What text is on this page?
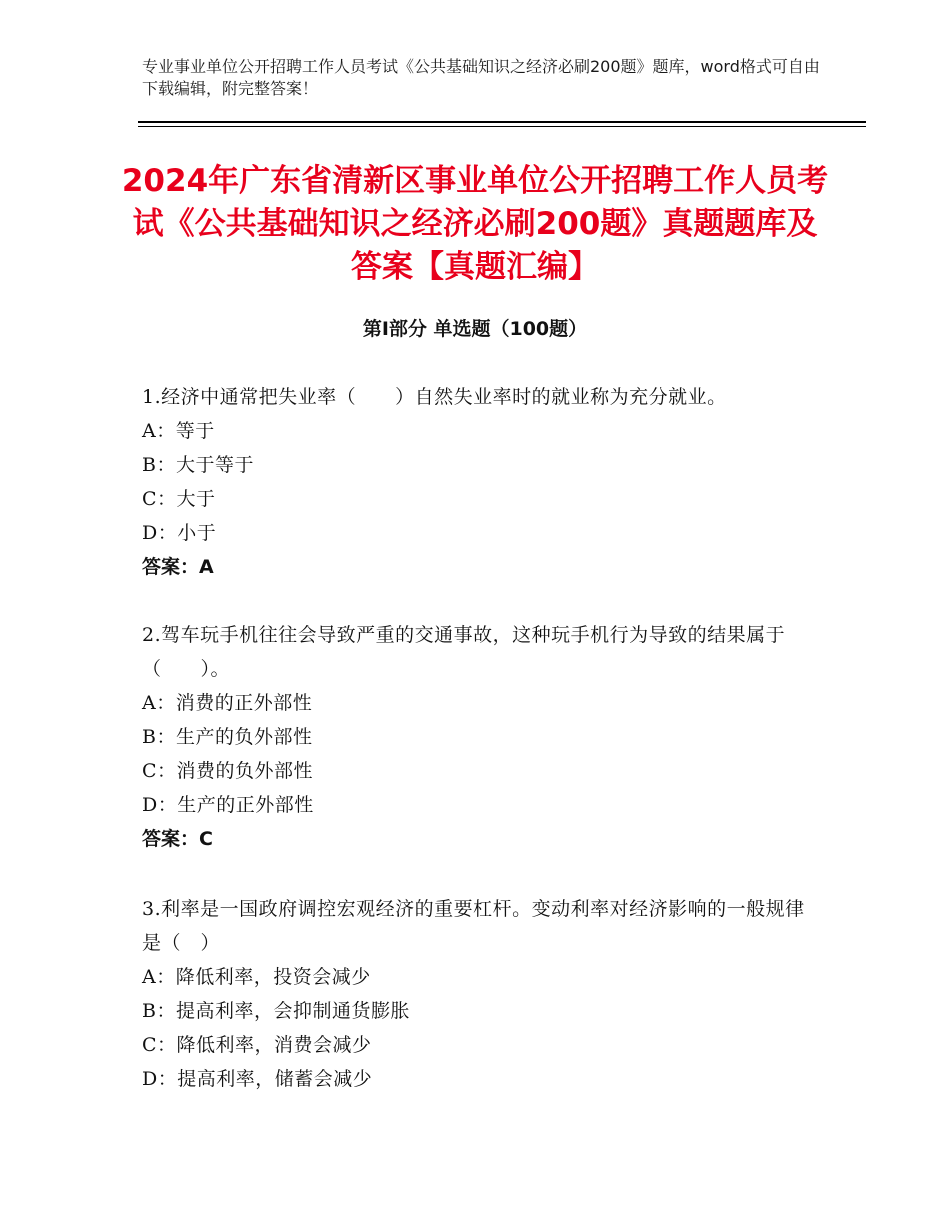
专业事业单位公开招聘工作人员考试《公共基础知识之经济必刷200题》题库，word格式可自由下载编辑，附完整答案！
2024年广东省清新区事业单位公开招聘工作人员考试《公共基础知识之经济必刷200题》真题题库及答案【真题汇编】
第Ⅰ部分 单选题（100题）

1.经济中通常把失业率（　　）自然失业率时的就业称为充分就业。

A：等于

B：大于等于

C：大于

D：小于

答案：A

2.驾车玩手机往往会导致严重的交通事故，这种玩手机行为导致的结果属于（　　）。

A：消费的正外部性

B：生产的负外部性

C：消费的负外部性

D：生产的正外部性

答案：C

3.利率是一国政府调控宏观经济的重要杠杆。变动利率对经济影响的一般规律是（　）

A：降低利率，投资会减少

B：提高利率，会抑制通货膨胀

C：降低利率，消费会减少

D：提高利率，储蓄会减少
